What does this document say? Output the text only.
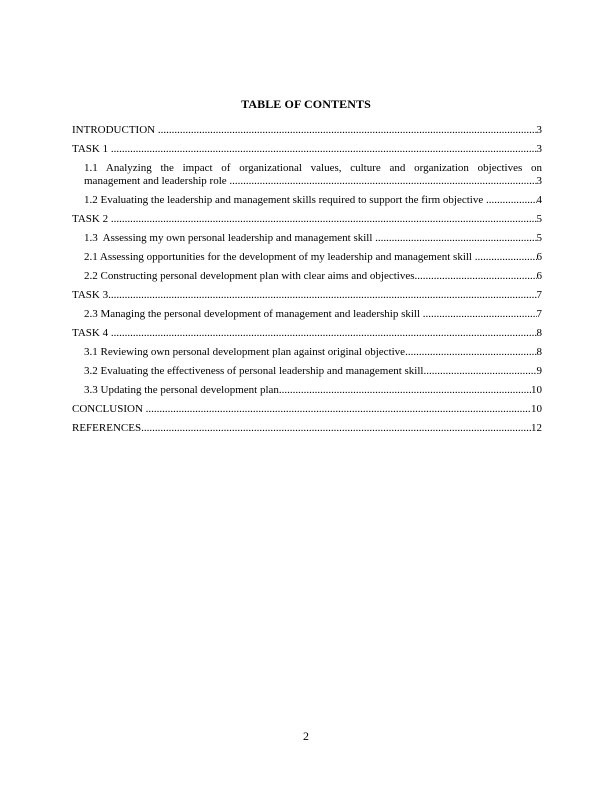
TABLE OF CONTENTS
INTRODUCTION .....	3
TASK 1 .....	3
1.1 Analyzing the impact of organizational values, culture and organization objectives on
management and leadership role .....	3
1.2 Evaluating the leadership and management skills required to support the firm objective .....	4
TASK 2 .....	5
1.3  Assessing my own personal leadership and management skill .....	5
2.1 Assessing opportunities for the development of my leadership and management skill .....	6
2.2 Constructing personal development plan with clear aims and objectives .....	6
TASK 3 .....	7
2.3 Managing the personal development of management and leadership skill .....	7
TASK 4 .....	8
3.1 Reviewing own personal development plan against original objective .....	8
3.2 Evaluating the effectiveness of personal leadership and management skill .....	9
3.3 Updating the personal development plan .....	10
CONCLUSION .....	10
REFERENCES .....	12
2
